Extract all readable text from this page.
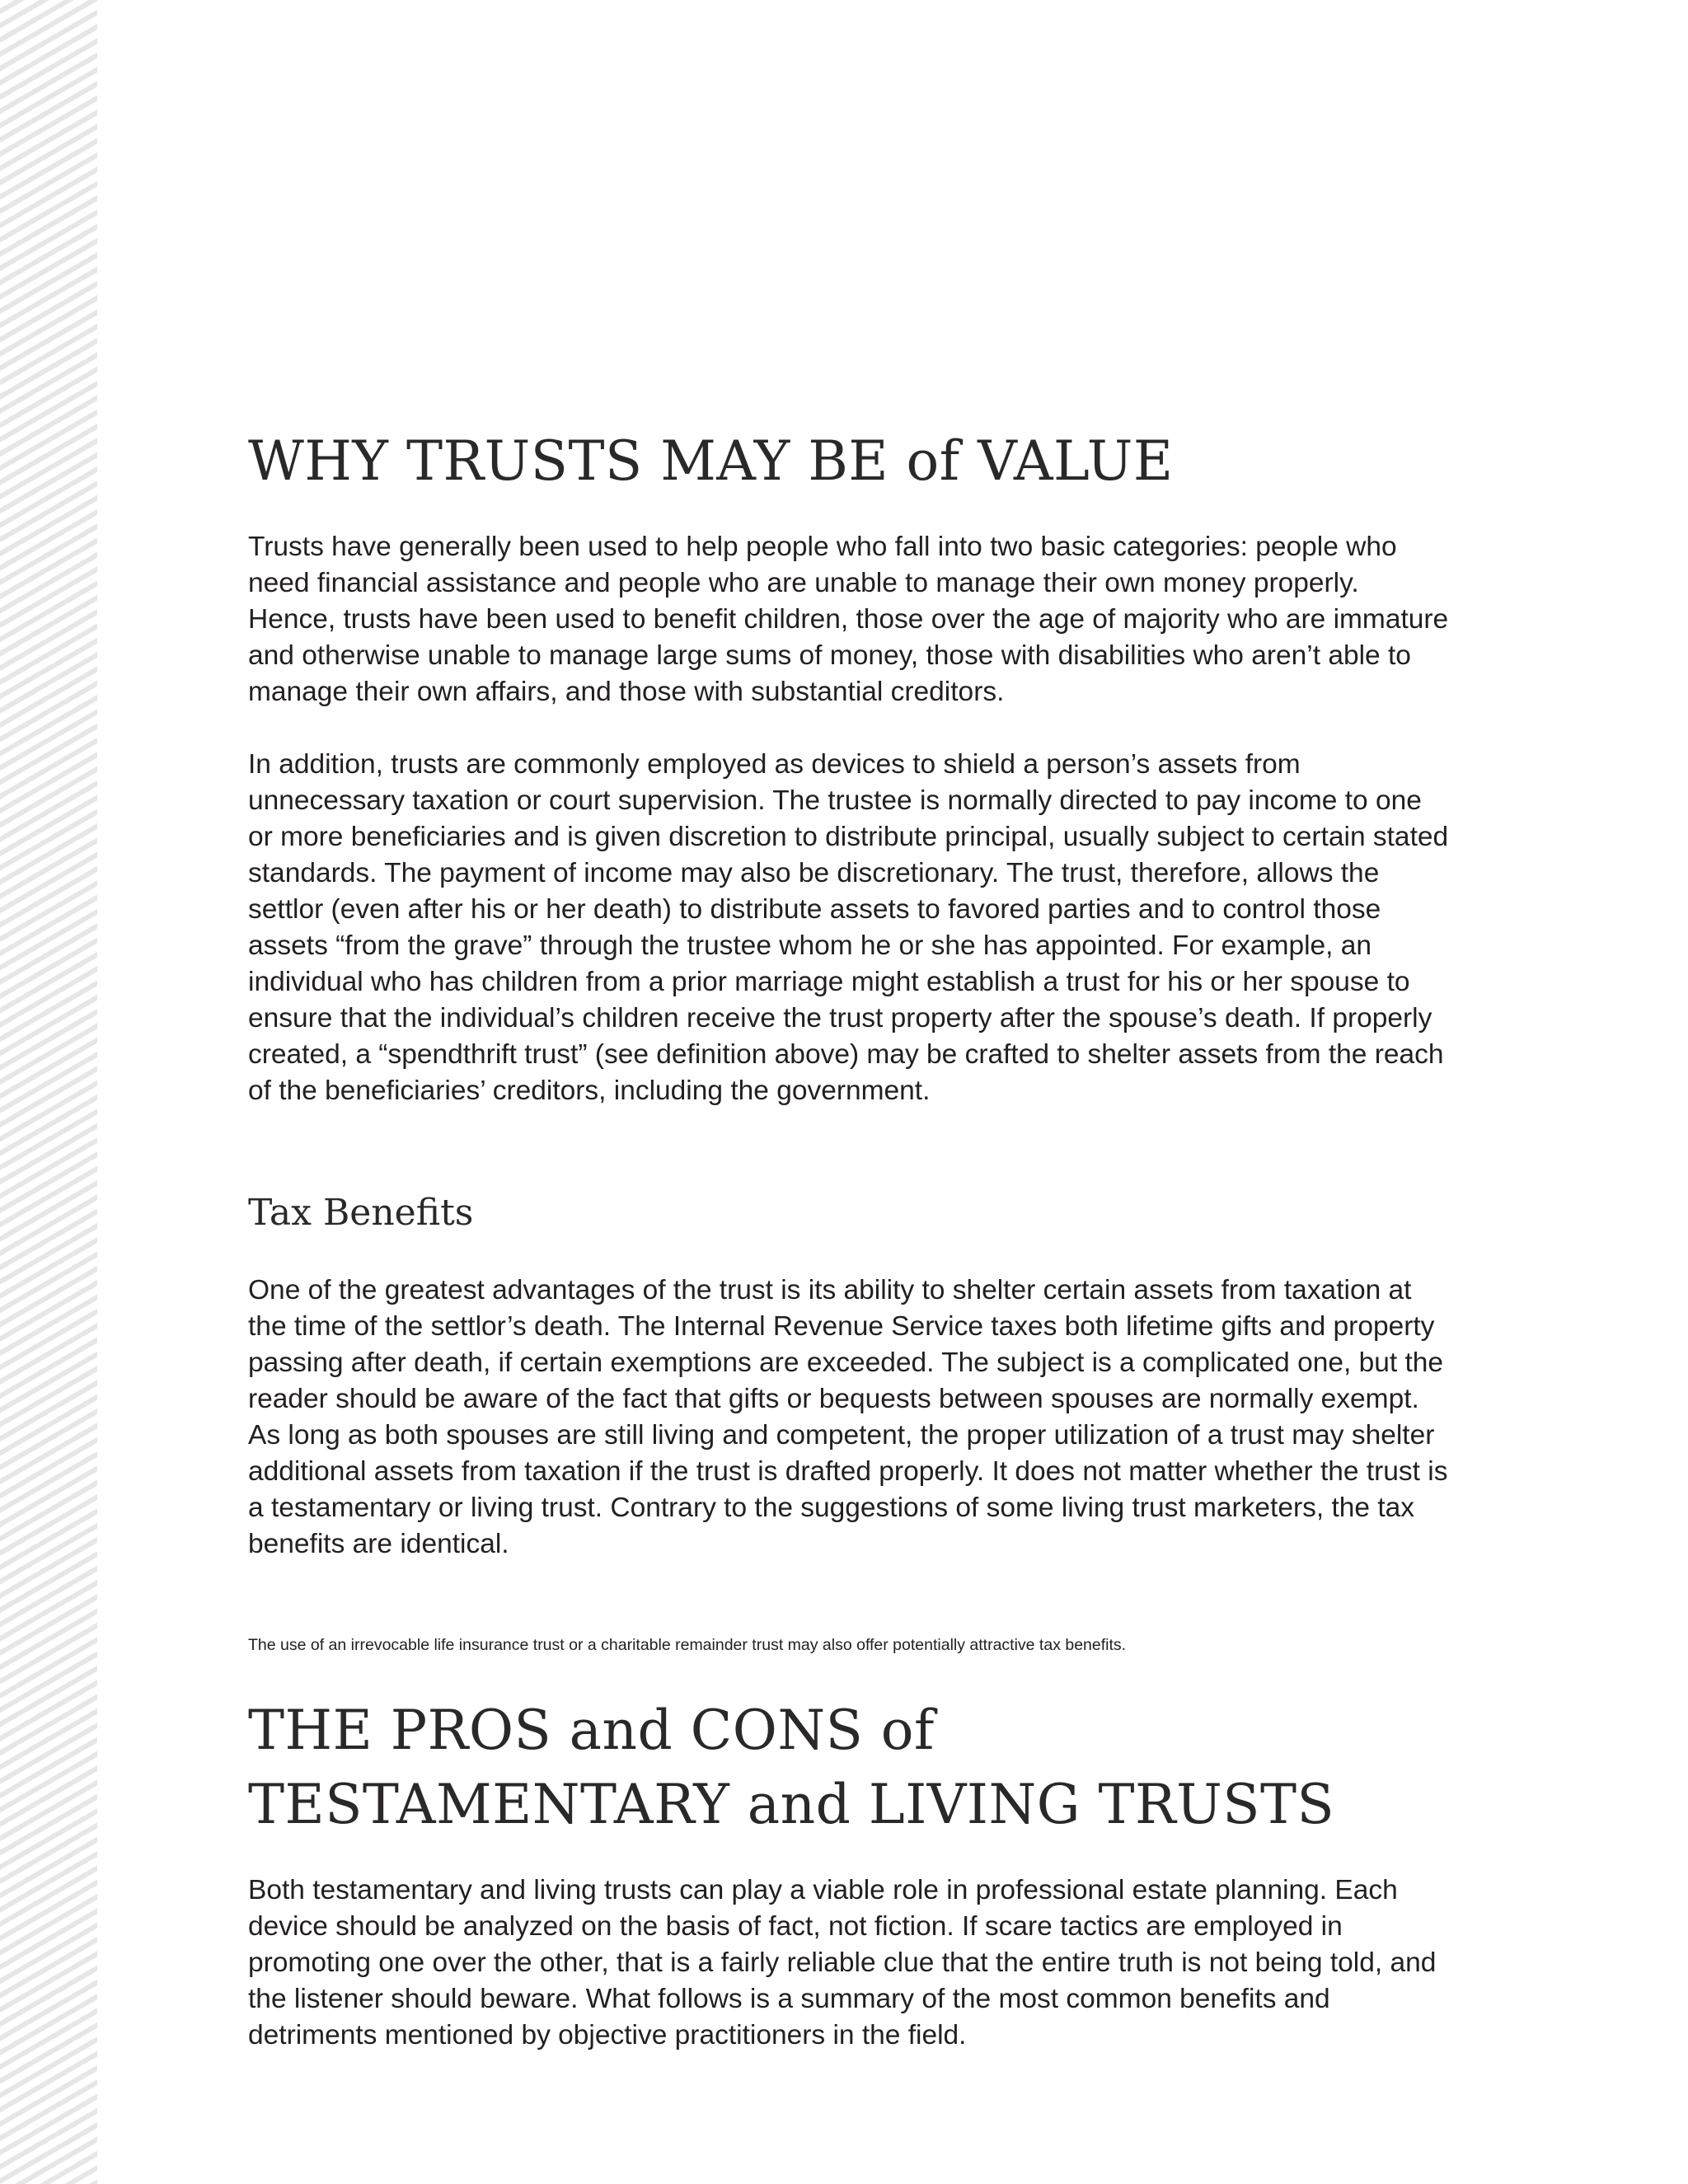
WHY TRUSTS MAY BE of VALUE

Trusts have generally been used to help people who fall into two basic categories: people who need financial assistance and people who are unable to manage their own money properly. Hence, trusts have been used to benefit children, those over the age of majority who are immature and otherwise unable to manage large sums of money, those with disabilities who aren’t able to manage their own affairs, and those with substantial creditors.

In addition, trusts are commonly employed as devices to shield a person’s assets from unnecessary taxation or court supervision. The trustee is normally directed to pay income to one or more beneficiaries and is given discretion to distribute principal, usually subject to certain stated standards. The payment of income may also be discretionary. The trust, therefore, allows the settlor (even after his or her death) to distribute assets to favored parties and to control those assets “from the grave” through the trustee whom he or she has appointed. For example, an individual who has children from a prior marriage might establish a trust for his or her spouse to ensure that the individual’s children receive the trust property after the spouse’s death. If properly created, a “spendthrift trust” (see definition above) may be crafted to shelter assets from the reach of the beneficiaries’ creditors, including the government.

Tax Benefits

One of the greatest advantages of the trust is its ability to shelter certain assets from taxation at the time of the settlor’s death. The Internal Revenue Service taxes both lifetime gifts and property passing after death, if certain exemptions are exceeded. The subject is a complicated one, but the reader should be aware of the fact that gifts or bequests between spouses are normally exempt. As long as both spouses are still living and competent, the proper utilization of a trust may shelter additional assets from taxation if the trust is drafted properly. It does not matter whether the trust is a testamentary or living trust. Contrary to the suggestions of some living trust marketers, the tax benefits are identical.

The use of an irrevocable life insurance trust or a charitable remainder trust may also offer potentially attractive tax benefits.

THE PROS and CONS of
TESTAMENTARY and LIVING TRUSTS

Both testamentary and living trusts can play a viable role in professional estate planning. Each device should be analyzed on the basis of fact, not fiction. If scare tactics are employed in promoting one over the other, that is a fairly reliable clue that the entire truth is not being told, and the listener should beware. What follows is a summary of the most common benefits and detriments mentioned by objective practitioners in the field.
